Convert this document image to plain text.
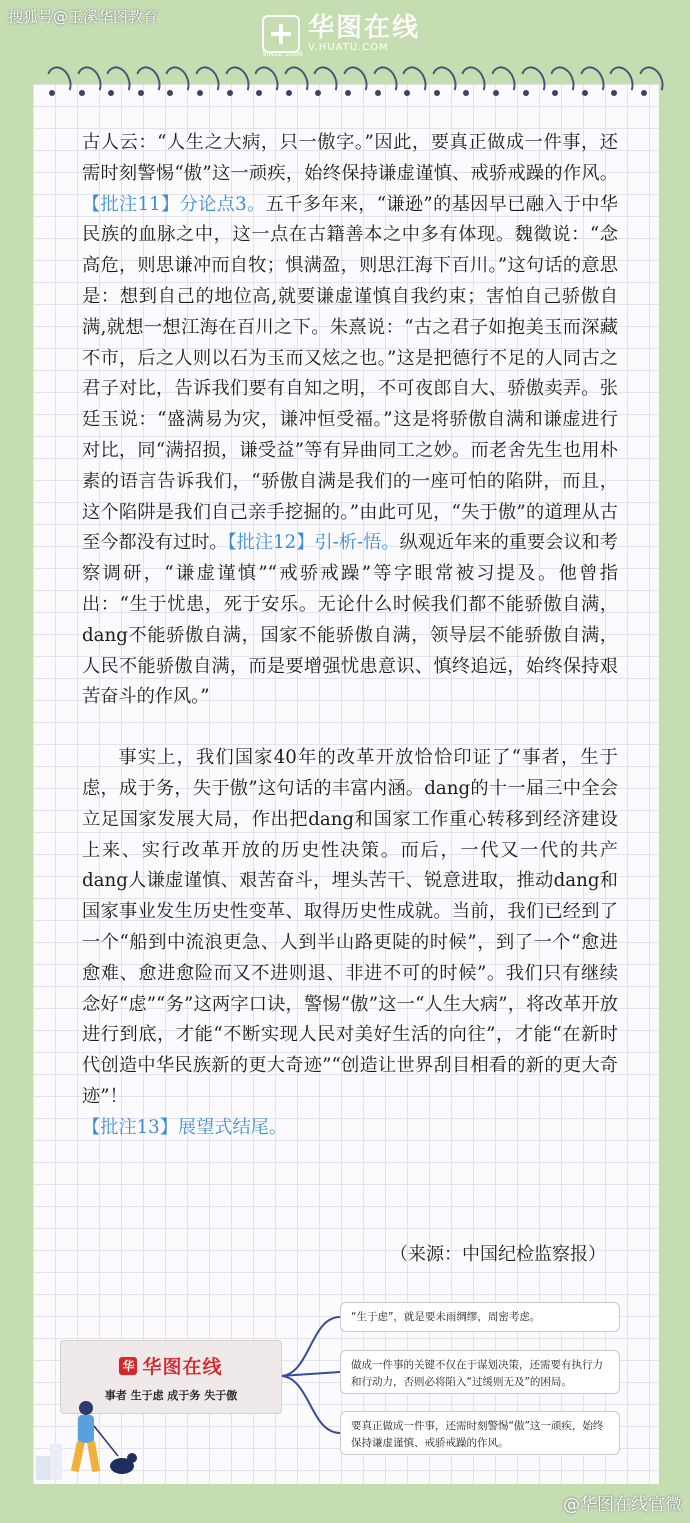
搜狐号@玉溪华图教育	华图在线
V.HUATU.COM
SINCE 2006

古人云：“人生之大病，只一傲字。”因此，要真正做成一件事，还需时刻警惕“傲”这一顽疾，始终保持谦虚谨慎、戒骄戒躁的作风。【批注11】分论点3。五千多年来，“谦逊”的基因早已融入于中华民族的血脉之中，这一点在古籍善本之中多有体现。魏徵说：“念高危，则思谦冲而自牧；惧满盈，则思江海下百川。”这句话的意思是：想到自己的地位高,就要谦虚谨慎自我约束；害怕自己骄傲自满,就想一想江海在百川之下。朱熹说：“古之君子如抱美玉而深藏不市，后之人则以石为玉而又炫之也。”这是把德行不足的人同古之君子对比，告诉我们要有自知之明，不可夜郎自大、骄傲卖弄。张廷玉说：“盛满易为灾，谦冲恒受福。”这是将骄傲自满和谦虚进行对比，同“满招损，谦受益”等有异曲同工之妙。而老舍先生也用朴素的语言告诉我们，“骄傲自满是我们的一座可怕的陷阱，而且，这个陷阱是我们自己亲手挖掘的。”由此可见，“失于傲”的道理从古至今都没有过时。【批注12】引-析-悟。纵观近年来的重要会议和考察调研，“谦虚谨慎”“戒骄戒躁”等字眼常被习提及。他曾指出：“生于忧患，死于安乐。无论什么时候我们都不能骄傲自满，dang不能骄傲自满，国家不能骄傲自满，领导层不能骄傲自满，人民不能骄傲自满，而是要增强忧患意识、慎终追远，始终保持艰苦奋斗的作风。”

事实上，我们国家40年的改革开放恰恰印证了“事者，生于虑，成于务，失于傲”这句话的丰富内涵。dang的十一届三中全会立足国家发展大局，作出把dang和国家工作重心转移到经济建设上来、实行改革开放的历史性决策。而后，一代又一代的共产dang人谦虚谨慎、艰苦奋斗，埋头苦干、锐意进取，推动dang和国家事业发生历史性变革、取得历史性成就。当前，我们已经到了一个“船到中流浪更急、人到半山路更陡的时候”，到了一个“愈进愈难、愈进愈险而又不进则退、非进不可的时候”。我们只有继续念好“虑”“务”这两字口诀，警惕“傲”这一“人生大病”，将改革开放进行到底，才能“不断实现人民对美好生活的向往”，才能“在新时代创造中华民族新的更大奇迹”“创造让世界刮目相看的新的更大奇迹”！
【批注13】展望式结尾。

（来源：中国纪检监察报）
华 华图在线
事者 生于虑 成于务 失于傲
“生于虑”，就是要未雨绸缪，周密考虑。
做成一件事的关键不仅在于谋划决策，还需要有执行力和行动力，否则必将陷入“过缓则无及”的困局。
要真正做成一件事，还需时刻警惕“傲”这一顽疾，始终保持谦虚谨慎、戒骄戒躁的作风。
@华图在线官微
